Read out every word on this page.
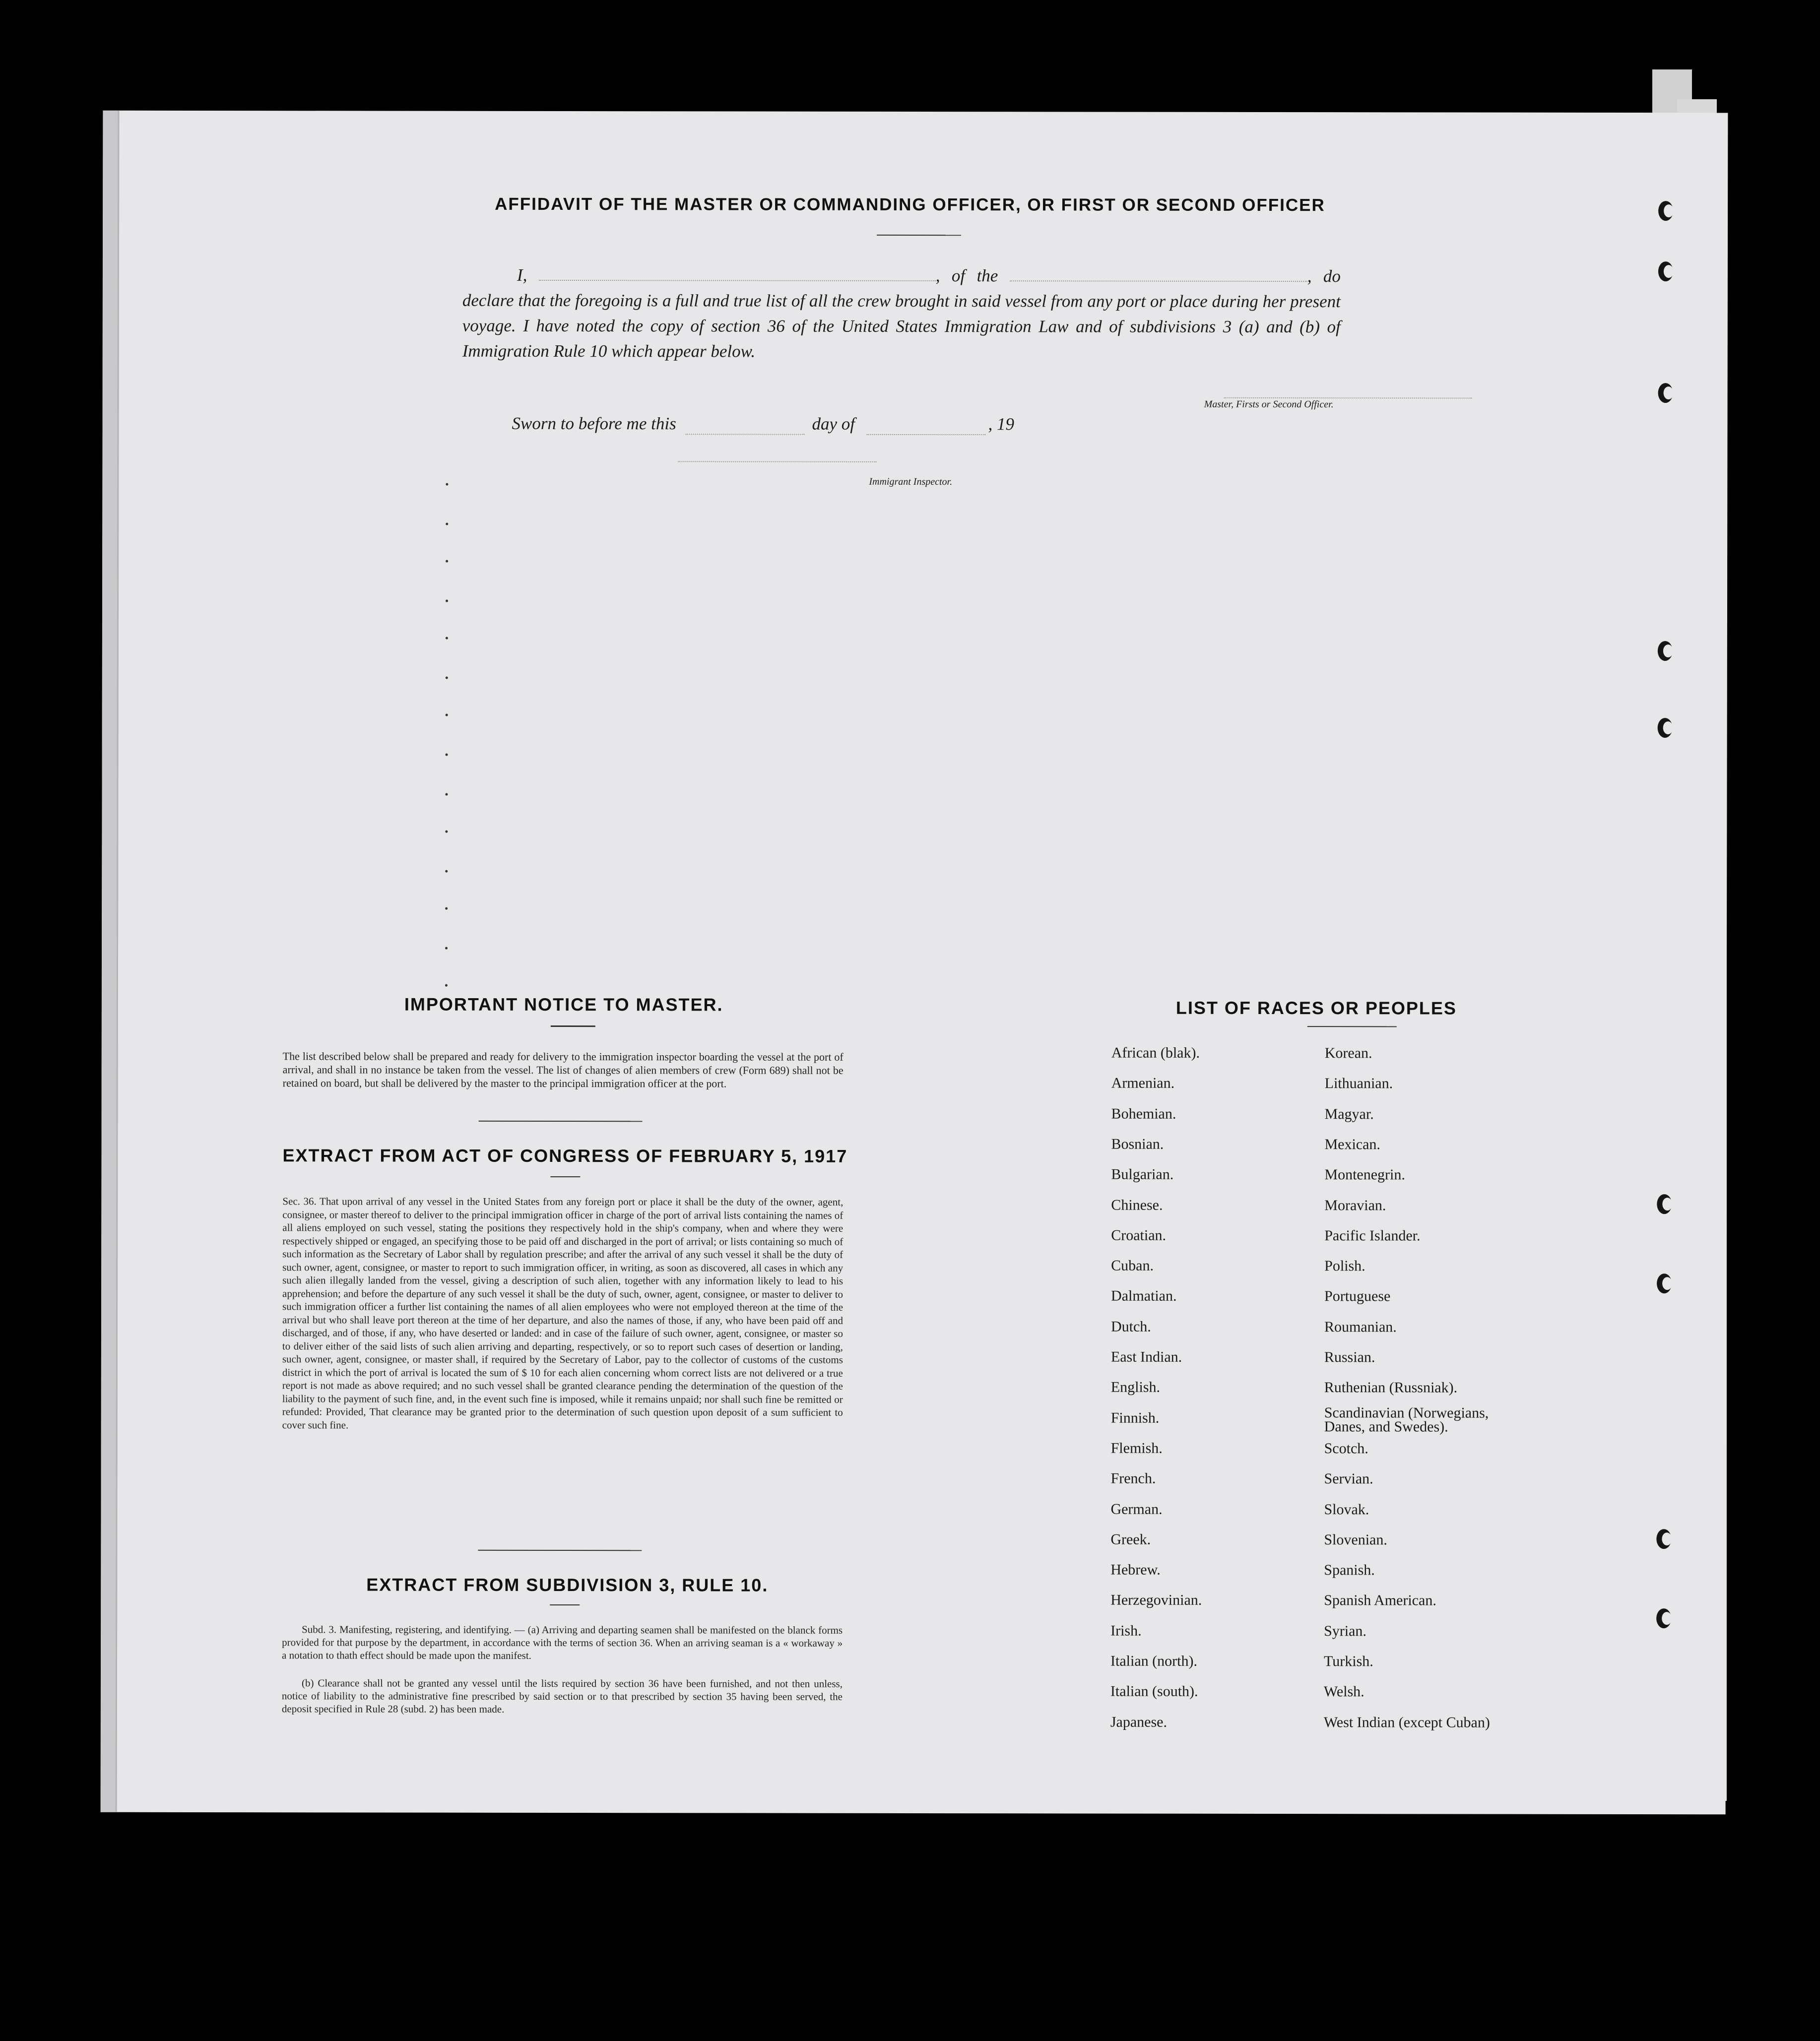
AFFIDAVIT OF THE MASTER OR COMMANDING OFFICER, OR FIRST OR SECOND OFFICER
I,	, of the	, do declare that the foregoing is a full and true list of all the crew brought in said vessel from any port or place during her present voyage. I have noted the copy of section 36 of the United States Immigration Law and of subdivisions 3 (a) and (b) of Immigration Rule 10 which appear below.
Master, Firsts or Second Officer.
Sworn to before me this	day of	, 19
Immigrant Inspector.
IMPORTANT NOTICE TO MASTER.
The list described below shall be prepared and ready for delivery to the immigration inspector boarding the vessel at the port of arrival, and shall in no instance be taken from the vessel. The list of changes of alien members of crew (Form 689) shall not be retained on board, but shall be delivered by the master to the principal immigration officer at the port.
EXTRACT FROM ACT OF CONGRESS OF FEBRUARY 5, 1917
Sec. 36. That upon arrival of any vessel in the United States from any foreign port or place it shall be the duty of the owner, agent, consignee, or master thereof to deliver to the principal immigration officer in charge of the port of arrival lists containing the names of all aliens employed on such vessel, stating the positions they respectively hold in the ship's company, when and where they were respectively shipped or engaged, an specifying those to be paid off and discharged in the port of arrival; or lists containing so much of such information as the Secretary of Labor shall by regulation prescribe; and after the arrival of any such vessel it shall be the duty of such owner, agent, consignee, or master to report to such immigration officer, in writing, as soon as discovered, all cases in which any such alien illegally landed from the vessel, giving a description of such alien, together with any information likely to lead to his apprehension; and before the departure of any such vessel it shall be the duty of such, owner, agent, consignee, or master to deliver to such immigration officer a further list containing the names of all alien employees who were not employed thereon at the time of the arrival but who shall leave port thereon at the time of her departure, and also the names of those, if any, who have been paid off and discharged, and of those, if any, who have deserted or landed: and in case of the failure of such owner, agent, consignee, or master so to deliver either of the said lists of such alien arriving and departing, respectively, or so to report such cases of desertion or landing, such owner, agent, consignee, or master shall, if required by the Secretary of Labor, pay to the collector of customs of the customs district in which the port of arrival is located the sum of $ 10 for each alien concerning whom correct lists are not delivered or a true report is not made as above required; and no such vessel shall be granted clearance pending the determination of the question of the liability to the payment of such fine, and, in the event such fine is imposed, while it remains unpaid; nor shall such fine be remitted or refunded: Provided, That clearance may be granted prior to the determination of such question upon deposit of a sum sufficient to cover such fine.
EXTRACT FROM SUBDIVISION 3, RULE 10.
Subd. 3. Manifesting, registering, and identifying. — (a) Arriving and departing seamen shall be manifested on the blanck forms provided for that purpose by the department, in accordance with the terms of section 36. When an arriving seaman is a « workaway » a notation to thath effect should be made upon the manifest.
(b) Clearance shall not be granted any vessel until the lists required by section 36 have been furnished, and not then unless, notice of liability to the administrative fine prescribed by said section or to that prescribed by section 35 having been served, the deposit specified in Rule 28 (subd. 2) has been made.
LIST OF RACES OR PEOPLES
African (blak).
Armenian.
Bohemian.
Bosnian.
Bulgarian.
Chinese.
Croatian.
Cuban.
Dalmatian.
Dutch.
East Indian.
English.
Finnish.
Flemish.
French.
German.
Greek.
Hebrew.
Herzegovinian.
Irish.
Italian (north).
Italian (south).
Japanese.
Korean.
Lithuanian.
Magyar.
Mexican.
Montenegrin.
Moravian.
Pacific Islander.
Polish.
Portuguese
Roumanian.
Russian.
Ruthenian (Russniak).
Scandinavian (Norwegians, Danes, and Swedes).
Scotch.
Servian.
Slovak.
Slovenian.
Spanish.
Spanish American.
Syrian.
Turkish.
Welsh.
West Indian (except Cuban)
